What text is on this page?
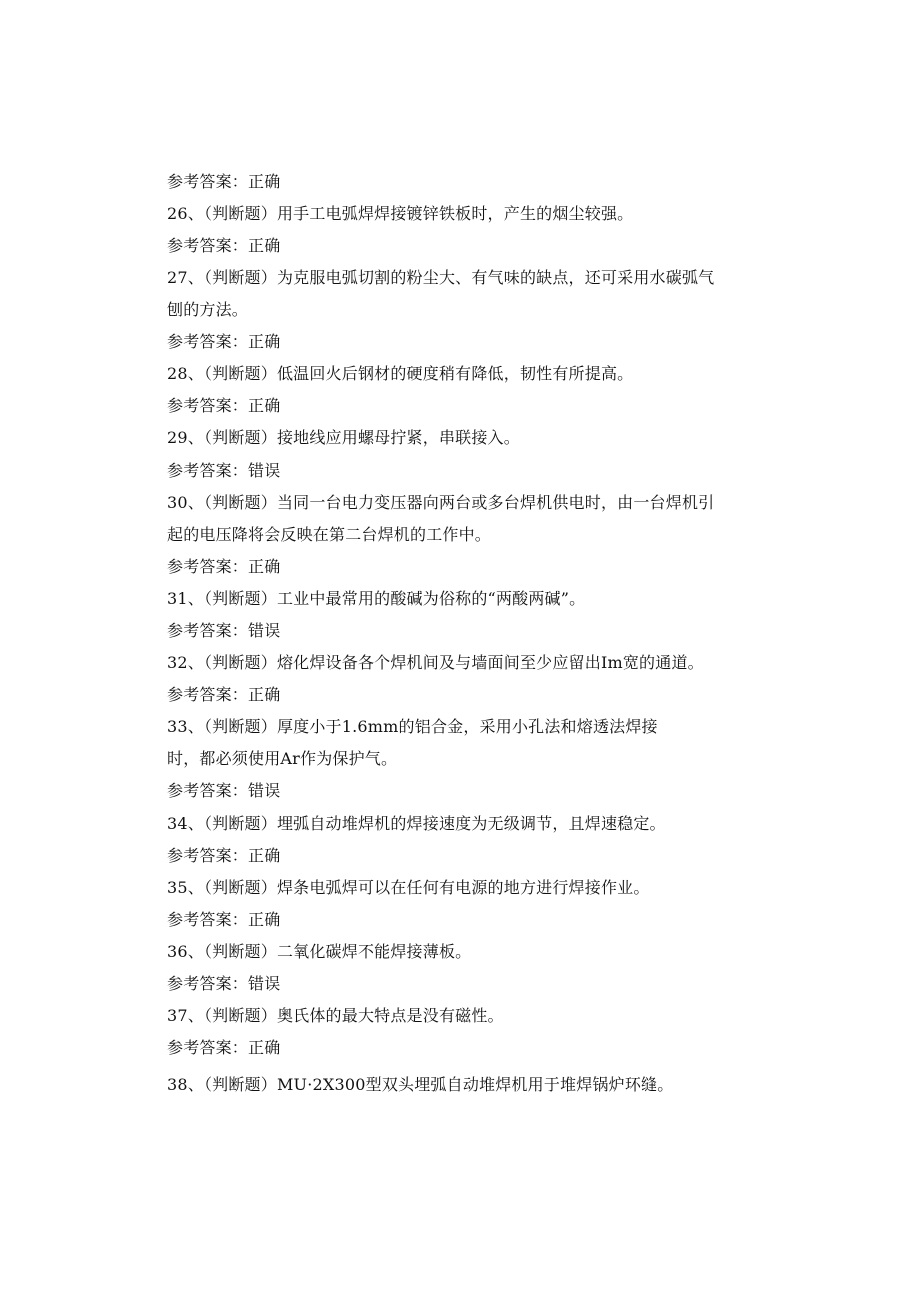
参考答案：正确
26、（判断题）用手工电弧焊焊接镀锌铁板时，产生的烟尘较强。
参考答案：正确
27、（判断题）为克服电弧切割的粉尘大、有气味的缺点，还可采用水碳弧气
刨的方法。
参考答案：正确
28、（判断题）低温回火后钢材的硬度稍有降低，韧性有所提高。
参考答案：正确
29、（判断题）接地线应用螺母拧紧，串联接入。
参考答案：错误
30、（判断题）当同一台电力变压器向两台或多台焊机供电时，由一台焊机引
起的电压降将会反映在第二台焊机的工作中。
参考答案：正确
31、（判断题）工业中最常用的酸碱为俗称的“两酸两碱”。
参考答案：错误
32、（判断题）熔化焊设备各个焊机间及与墙面间至少应留出Im宽的通道。
参考答案：正确
33、（判断题）厚度小于1.6mm的铝合金，采用小孔法和熔透法焊接
时，都必须使用Ar作为保护气。
参考答案：错误
34、（判断题）埋弧自动堆焊机的焊接速度为无级调节，且焊速稳定。
参考答案：正确
35、（判断题）焊条电弧焊可以在任何有电源的地方进行焊接作业。
参考答案：正确
36、（判断题）二氧化碳焊不能焊接薄板。
参考答案：错误
37、（判断题）奥氏体的最大特点是没有磁性。
参考答案：正确
38、（判断题）MU·2X300型双头埋弧自动堆焊机用于堆焊锅炉环缝。
